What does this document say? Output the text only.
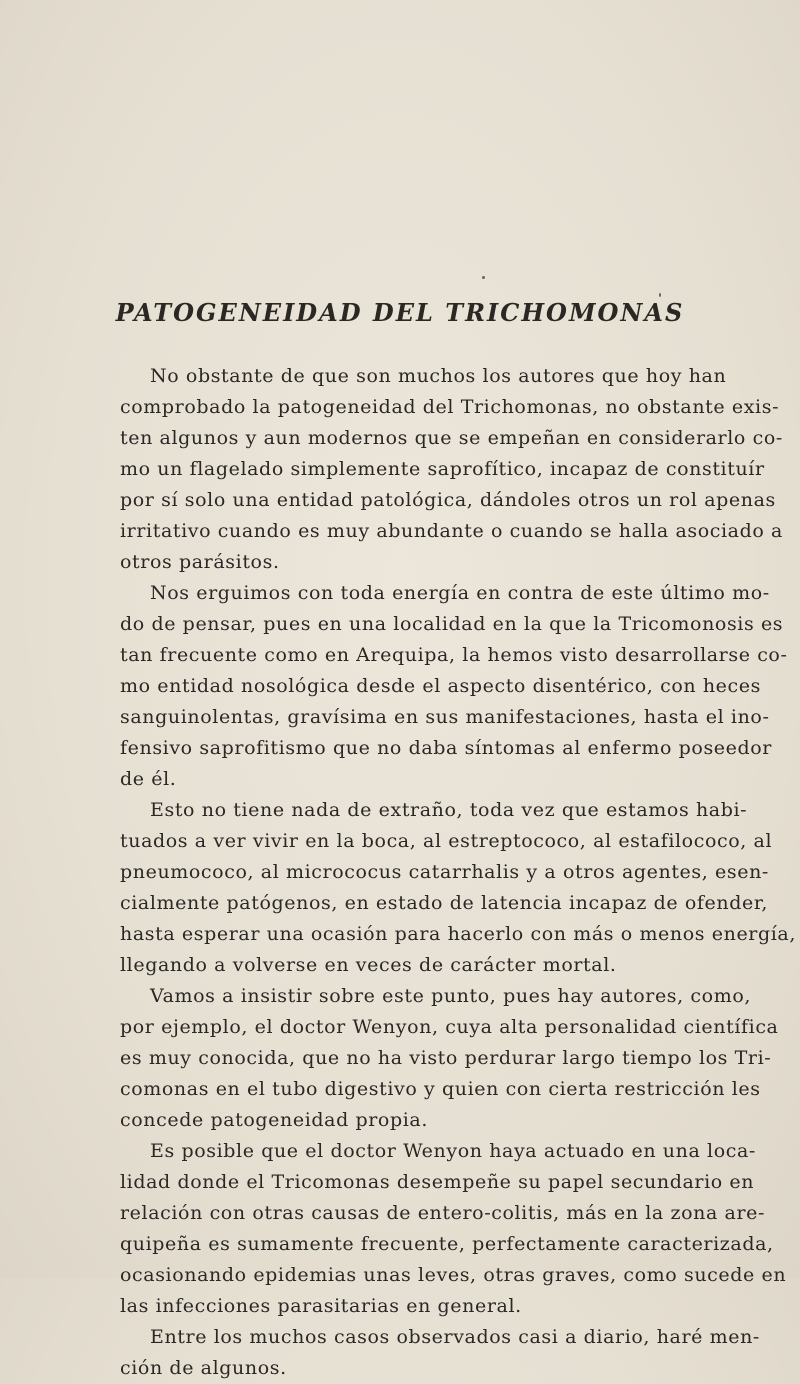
PATOGENEIDAD DEL TRICHOMONAS
No obstante de que son muchos los autores que hoy han
comprobado la patogeneidad del Trichomonas, no obstante exis-
ten algunos y aun modernos que se empeñan en considerarlo co-
mo un flagelado simplemente saprofítico, incapaz de constituír
por sí solo una entidad patológica, dándoles otros un rol apenas
irritativo cuando es muy abundante o cuando se halla asociado a
otros parásitos.
Nos erguimos con toda energía en contra de este último mo-
do de pensar, pues en una localidad en la que la Tricomonosis es
tan frecuente como en Arequipa, la hemos visto desarrollarse co-
mo entidad nosológica desde el aspecto disentérico, con heces
sanguinolentas, gravísima en sus manifestaciones, hasta el ino-
fensivo saprofitismo que no daba síntomas al enfermo poseedor
de él.
Esto no tiene nada de extraño, toda vez que estamos habi-
tuados a ver vivir en la boca, al estreptococo, al estafilococo, al
pneumococo, al micrococus catarrhalis y a otros agentes, esen-
cialmente patógenos, en estado de latencia incapaz de ofender,
hasta esperar una ocasión para hacerlo con más o menos energía,
llegando a volverse en veces de carácter mortal.
Vamos a insistir sobre este punto, pues hay autores, como,
por ejemplo, el doctor Wenyon, cuya alta personalidad científica
es muy conocida, que no ha visto perdurar largo tiempo los Tri-
comonas en el tubo digestivo y quien con cierta restricción les
concede patogeneidad propia.
Es posible que el doctor Wenyon haya actuado en una loca-
lidad donde el Tricomonas desempeñe su papel secundario en
relación con otras causas de entero-colitis, más en la zona are-
quipeña es sumamente frecuente, perfectamente caracterizada,
ocasionando epidemias unas leves, otras graves, como sucede en
las infecciones parasitarias en general.
Entre los muchos casos observados casi a diario, haré men-
ción de algunos.
